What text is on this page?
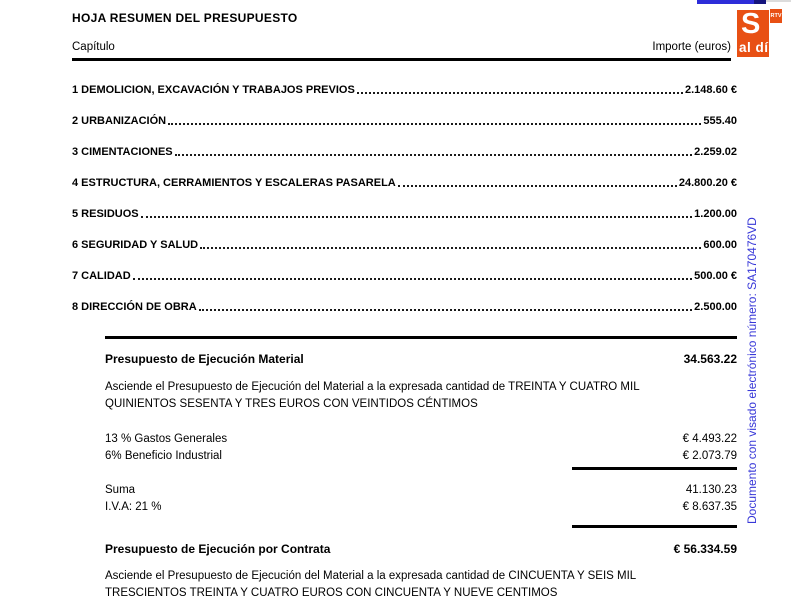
HOJA RESUMEN DEL PRESUPUESTO
Capítulo	Importe (euros)
S RTV
al día
1 DEMOLICION, EXCAVACIÓN Y TRABAJOS PREVIOS	2.148.60 €
2 URBANIZACIÓN	555.40
3 CIMENTACIONES	2.259.02
4 ESTRUCTURA, CERRAMIENTOS Y ESCALERAS PASARELA	24.800.20 €
5 RESIDUOS	1.200.00
6 SEGURIDAD Y SALUD	600.00
7 CALIDAD	500.00 €
8 DIRECCIÓN DE OBRA	2.500.00
Presupuesto de Ejecución Material	34.563.22
Asciende el Presupuesto de Ejecución del Material a la expresada cantidad de TREINTA Y CUATRO MIL QUINIENTOS SESENTA Y TRES EUROS CON VEINTIDOS CÉNTIMOS
13 % Gastos Generales	€ 4.493.22
6% Beneficio Industrial	€ 2.073.79
Suma	41.130.23
I.V.A: 21 %	€ 8.637.35
Presupuesto de Ejecución por Contrata	€ 56.334.59
Asciende el Presupuesto de Ejecución del Material a la expresada cantidad de CINCUENTA Y SEIS MIL TRESCIENTOS TREINTA Y CUATRO EUROS CON CINCUENTA Y NUEVE CENTIMOS
Documento con visado electrónico número: SA170476VD
